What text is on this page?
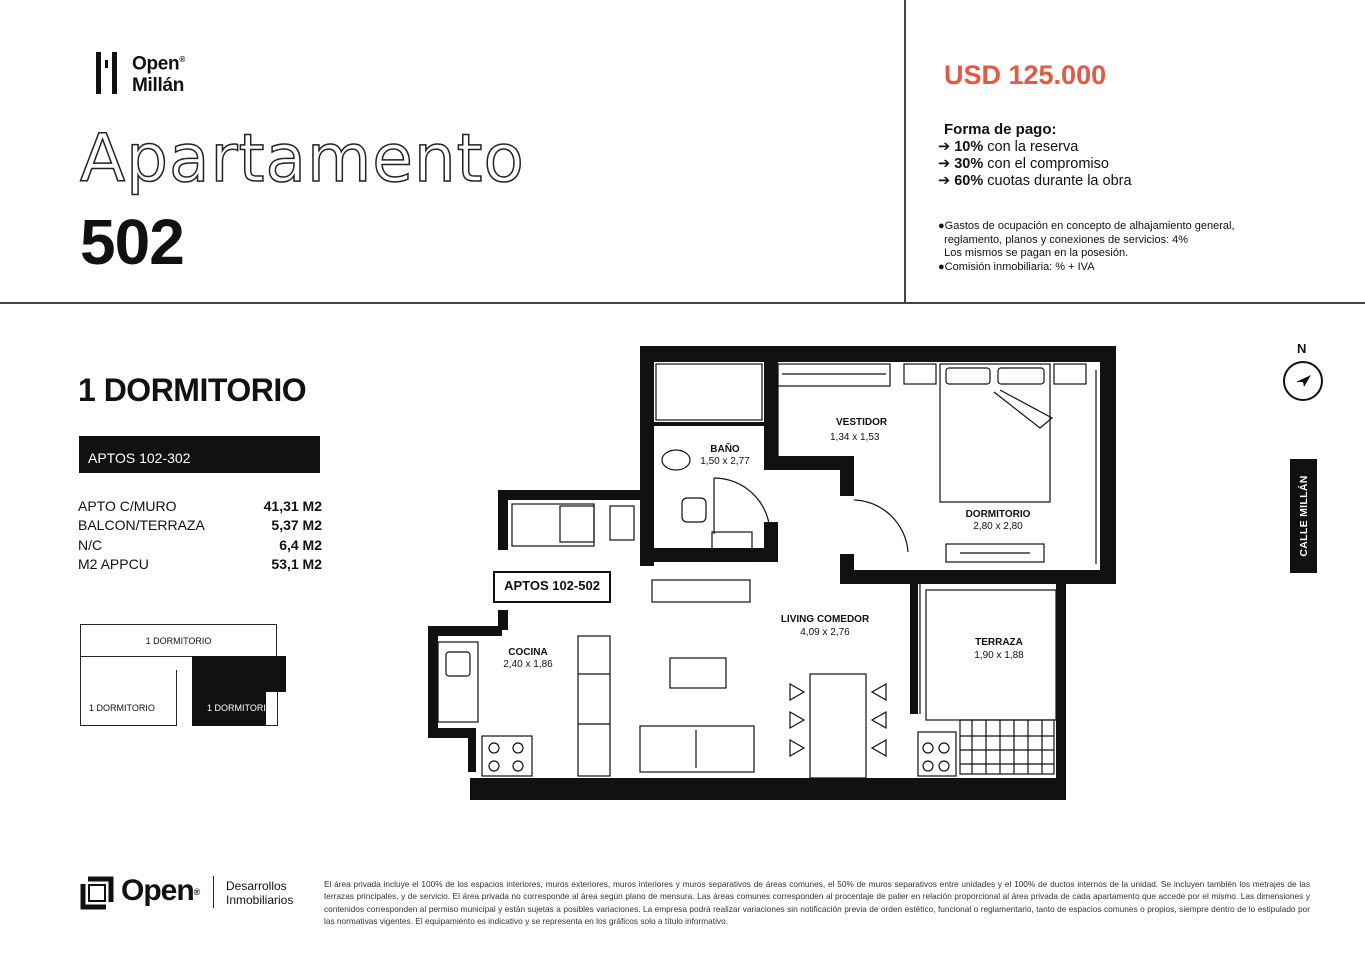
Open®
Millán
Apartamento
502
USD 125.000
Forma de pago:
➔ 10% con la reserva
➔ 30% con el compromiso
➔ 60% cuotas durante la obra
●Gastos de ocupación en concepto de alhajamiento general,
reglamento, planos y conexiones de servicios: 4%
Los mismos se pagan en la posesión.
●Comisión inmobiliaria: % + IVA
1 DORMITORIO
APTOS 102-302
APTO C/MURO	41,31 M2
BALCON/TERRAZA	5,37 M2
N/C	6,4 M2
M2 APPCU	53,1 M2
1 DORMITORIO
1 DORMITORIO	1 DORMITORIO
APTOS 102-502
VESTIDOR
1,34 x 1,53
BAÑO
1,50 x 2,77
DORMITORIO
2,80 x 2,80
LIVING COMEDOR
4,09 x 2,76
COCINA
2,40 x 1,86
TERRAZA
1,90 x 1,88
N
CALLE MILLÁN
Open® Desarrollos
Inmobiliarios
El área privada incluye el 100% de los espacios interiores, muros exteriores, muros interiores y muros separativos de áreas comunes, el 50% de muros separativos entre unidades y el 100% de ductos internos de la unidad. Se incluyen también los metrajes de las terrazas principales, y de servicio. El área privada no corresponde al área según plano de mensura. Las áreas comunes corresponden al procentaje de palier en relación proporcional al área privada de cada apartamento que accede por el mismo. Las dimensiones y contenidos corresponden al permiso municipal y están sujetas a posibles variaciones. La empresa podrá realizar variaciones sin notificación previa de orden estético, funcional o reglamentario, tanto de espacios comunes o propios, siempre dentro de lo estipulado por las normativas vigentes. El equipamiento es indicativo y se representa en los gráficos solo a título informativo.
